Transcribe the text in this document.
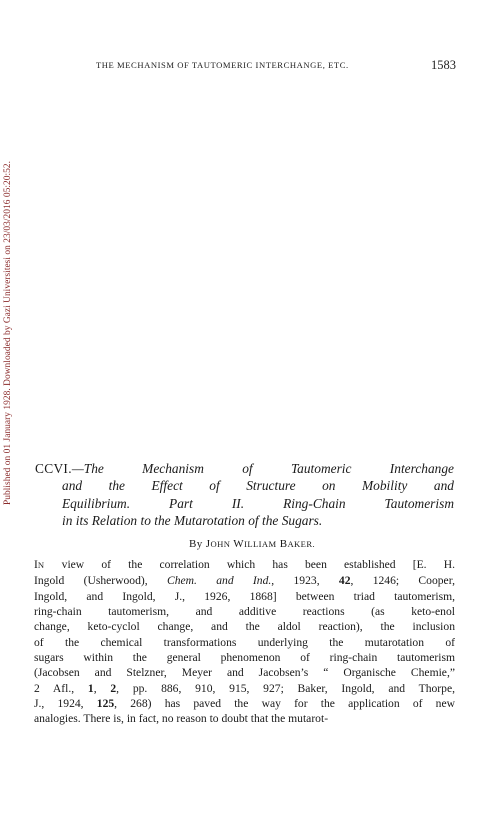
THE MECHANISM OF TAUTOMERIC INTERCHANGE, ETC.	1583
Published on 01 January 1928. Downloaded by Gazi Universitesi on 23/03/2016 05:20:52. CCVI.—The Mechanism of Tautomeric Interchange
and the Effect of Structure on Mobility and
Equilibrium. Part II. Ring-Chain Tautomerism
in its Relation to the Mutarotation of the Sugars.
By JOHN WILLIAM BAKER.
IN view of the correlation which has been established [E. H.
Ingold (Usherwood), Chem. and Ind., 1923, 42, 1246; Cooper,
Ingold, and Ingold, J., 1926, 1868] between triad tautomerism,
ring-chain tautomerism, and additive reactions (as keto-enol
change, keto-cyclol change, and the aldol reaction), the inclusion
of the chemical transformations underlying the mutarotation of
sugars within the general phenomenon of ring-chain tautomerism
(Jacobsen and Stelzner, Meyer and Jacobsen’s “ Organische Chemie,”
2 Afl., 1, 2, pp. 886, 910, 915, 927; Baker, Ingold, and Thorpe,
J., 1924, 125, 268) has paved the way for the application of new
analogies. There is, in fact, no reason to doubt that the mutarot-
